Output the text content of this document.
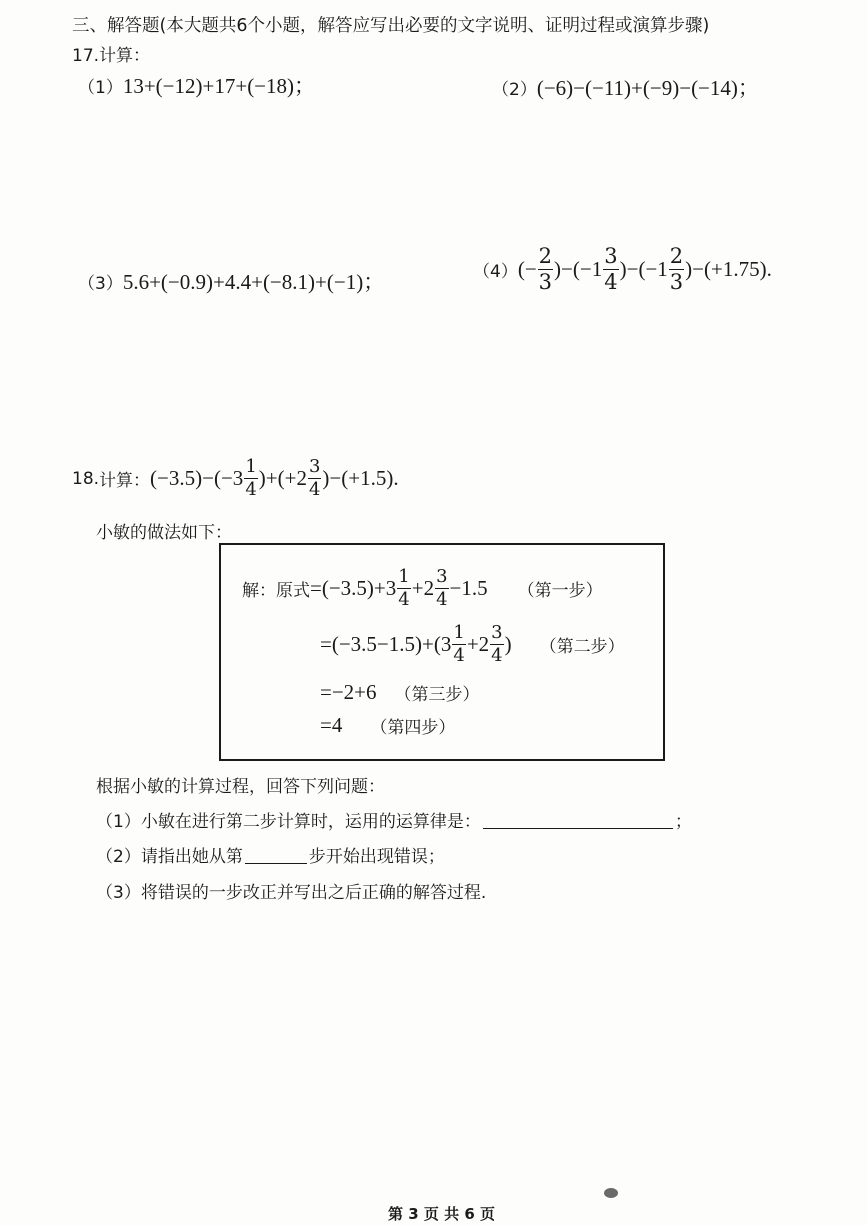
三、解答题(本大题共6个小题，解答应写出必要的文字说明、证明过程或演算步骤)
17.计算：
（1） 13+(−12)+17+(−18)；	（2） (−6)−(−11)+(−9)−(−14)；
（3） 5.6+(−0.9)+4.4+(−8.1)+(−1)；	（4） (− $\frac{2}{3} )-(-1 \frac{3}{4} )-(-1 \frac{2}{3} )-(+1.75)$.
18. 计算： $(-3.5)-(-3 \frac{1}{4} )+(+2 \frac{3}{4} )-(+1.5)$.
小敏的做法如下：
解：原式 $=(-3.5)+3 \frac{1}{4} +2 \frac{3}{4} -1.5$ （第一步）
$=(-3.5-1.5)+(3 \frac{1}{4} +2 \frac{3}{4}$ ) （第二步）
=−2+6 （第三步）
=4 （第四步）
根据小敏的计算过程，回答下列问题：
（1）小敏在进行第二步计算时，运用的运算律是：	；
（2）请指出她从第	步开始出现错误；
（3）将错误的一步改正并写出之后正确的解答过程.
第 3 页 共 6 页
